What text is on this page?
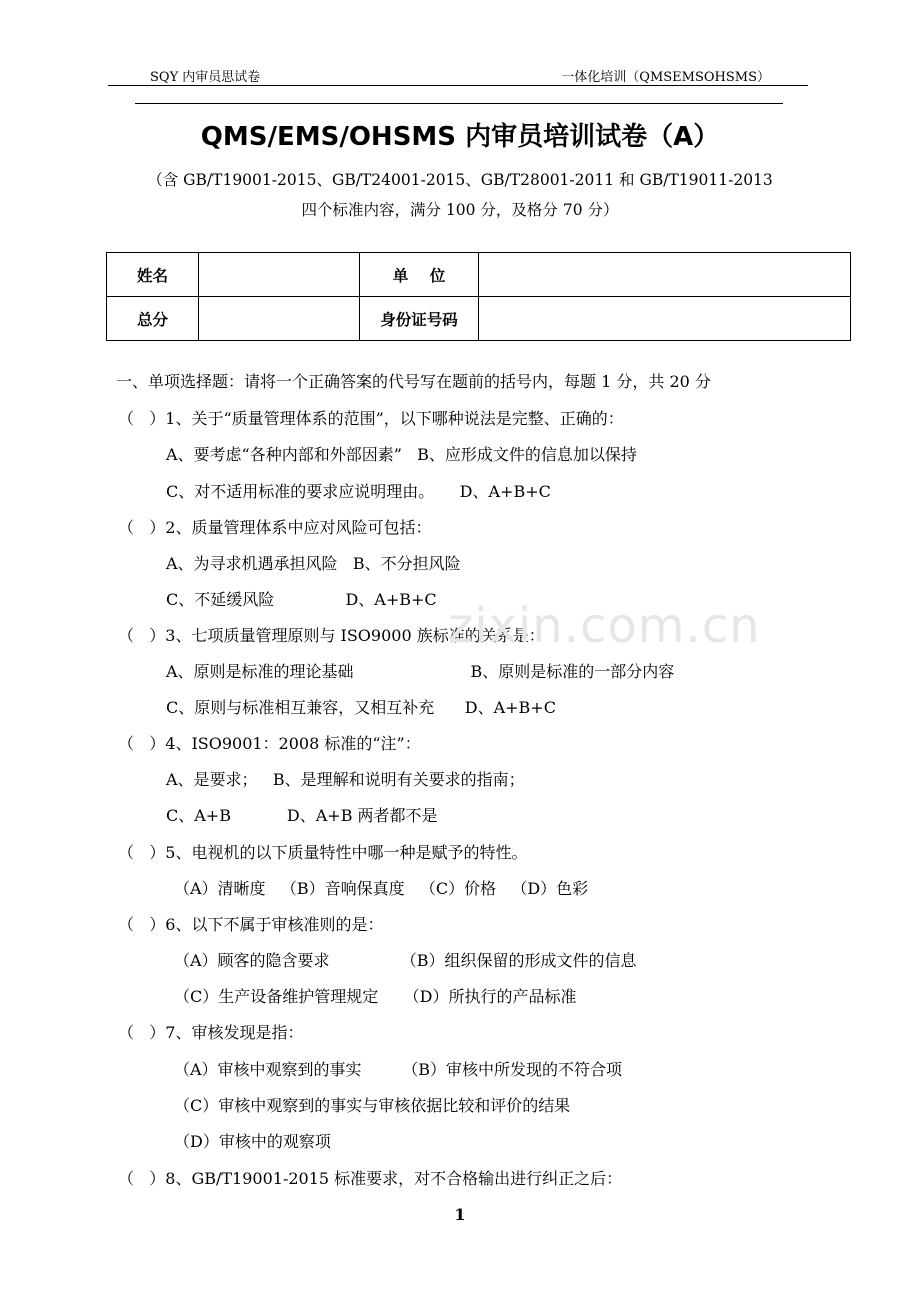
SQY 内审员思试卷	一体化培训（QMSEMSOHSMS）
QMS/EMS/OHSMS 内审员培训试卷（A）
（含 GB/T19001-2015、GB/T24001-2015、GB/T28001-2011 和 GB/T19011-2013
四个标准内容，满分 100 分，及格分 70 分）
姓名		单    位	
总分		身份证号码	
一、单项选择题：请将一个正确答案的代号写在题前的括号内，每题 1 分，共 20 分
（   ）1、关于“质量管理体系的范围”，以下哪种说法是完整、正确的：
A、要考虑“各种内部和外部因素”   B、应形成文件的信息加以保持
C、对不适用标准的要求应说明理由。     D、A+B+C
（   ）2、质量管理体系中应对风险可包括：
A、为寻求机遇承担风险   B、不分担风险
C、不延缓风险              D、A+B+C
（   ）3、七项质量管理原则与 ISO9000 族标准的关系是：
A、原则是标准的理论基础                       B、原则是标准的一部分内容
C、原则与标准相互兼容，又相互补充      D、A+B+C
（   ）4、ISO9001：2008 标准的“注”：
A、是要求；   B、是理解和说明有关要求的指南；
C、A+B           D、A+B 两者都不是
（   ）5、电视机的以下质量特性中哪一种是赋予的特性。
（A）清晰度   （B）音响保真度   （C）价格   （D）色彩
（   ）6、以下不属于审核准则的是：
（A）顾客的隐含要求              （B）组织保留的形成文件的信息
（C）生产设备维护管理规定     （D）所执行的产品标准
（   ）7、审核发现是指：
（A）审核中观察到的事实        （B）审核中所发现的不符合项
（C）审核中观察到的事实与审核依据比较和评价的结果
（D）审核中的观察项
（   ）8、GB/T19001-2015 标准要求，对不合格输出进行纠正之后：
zixin.com.cn
1
